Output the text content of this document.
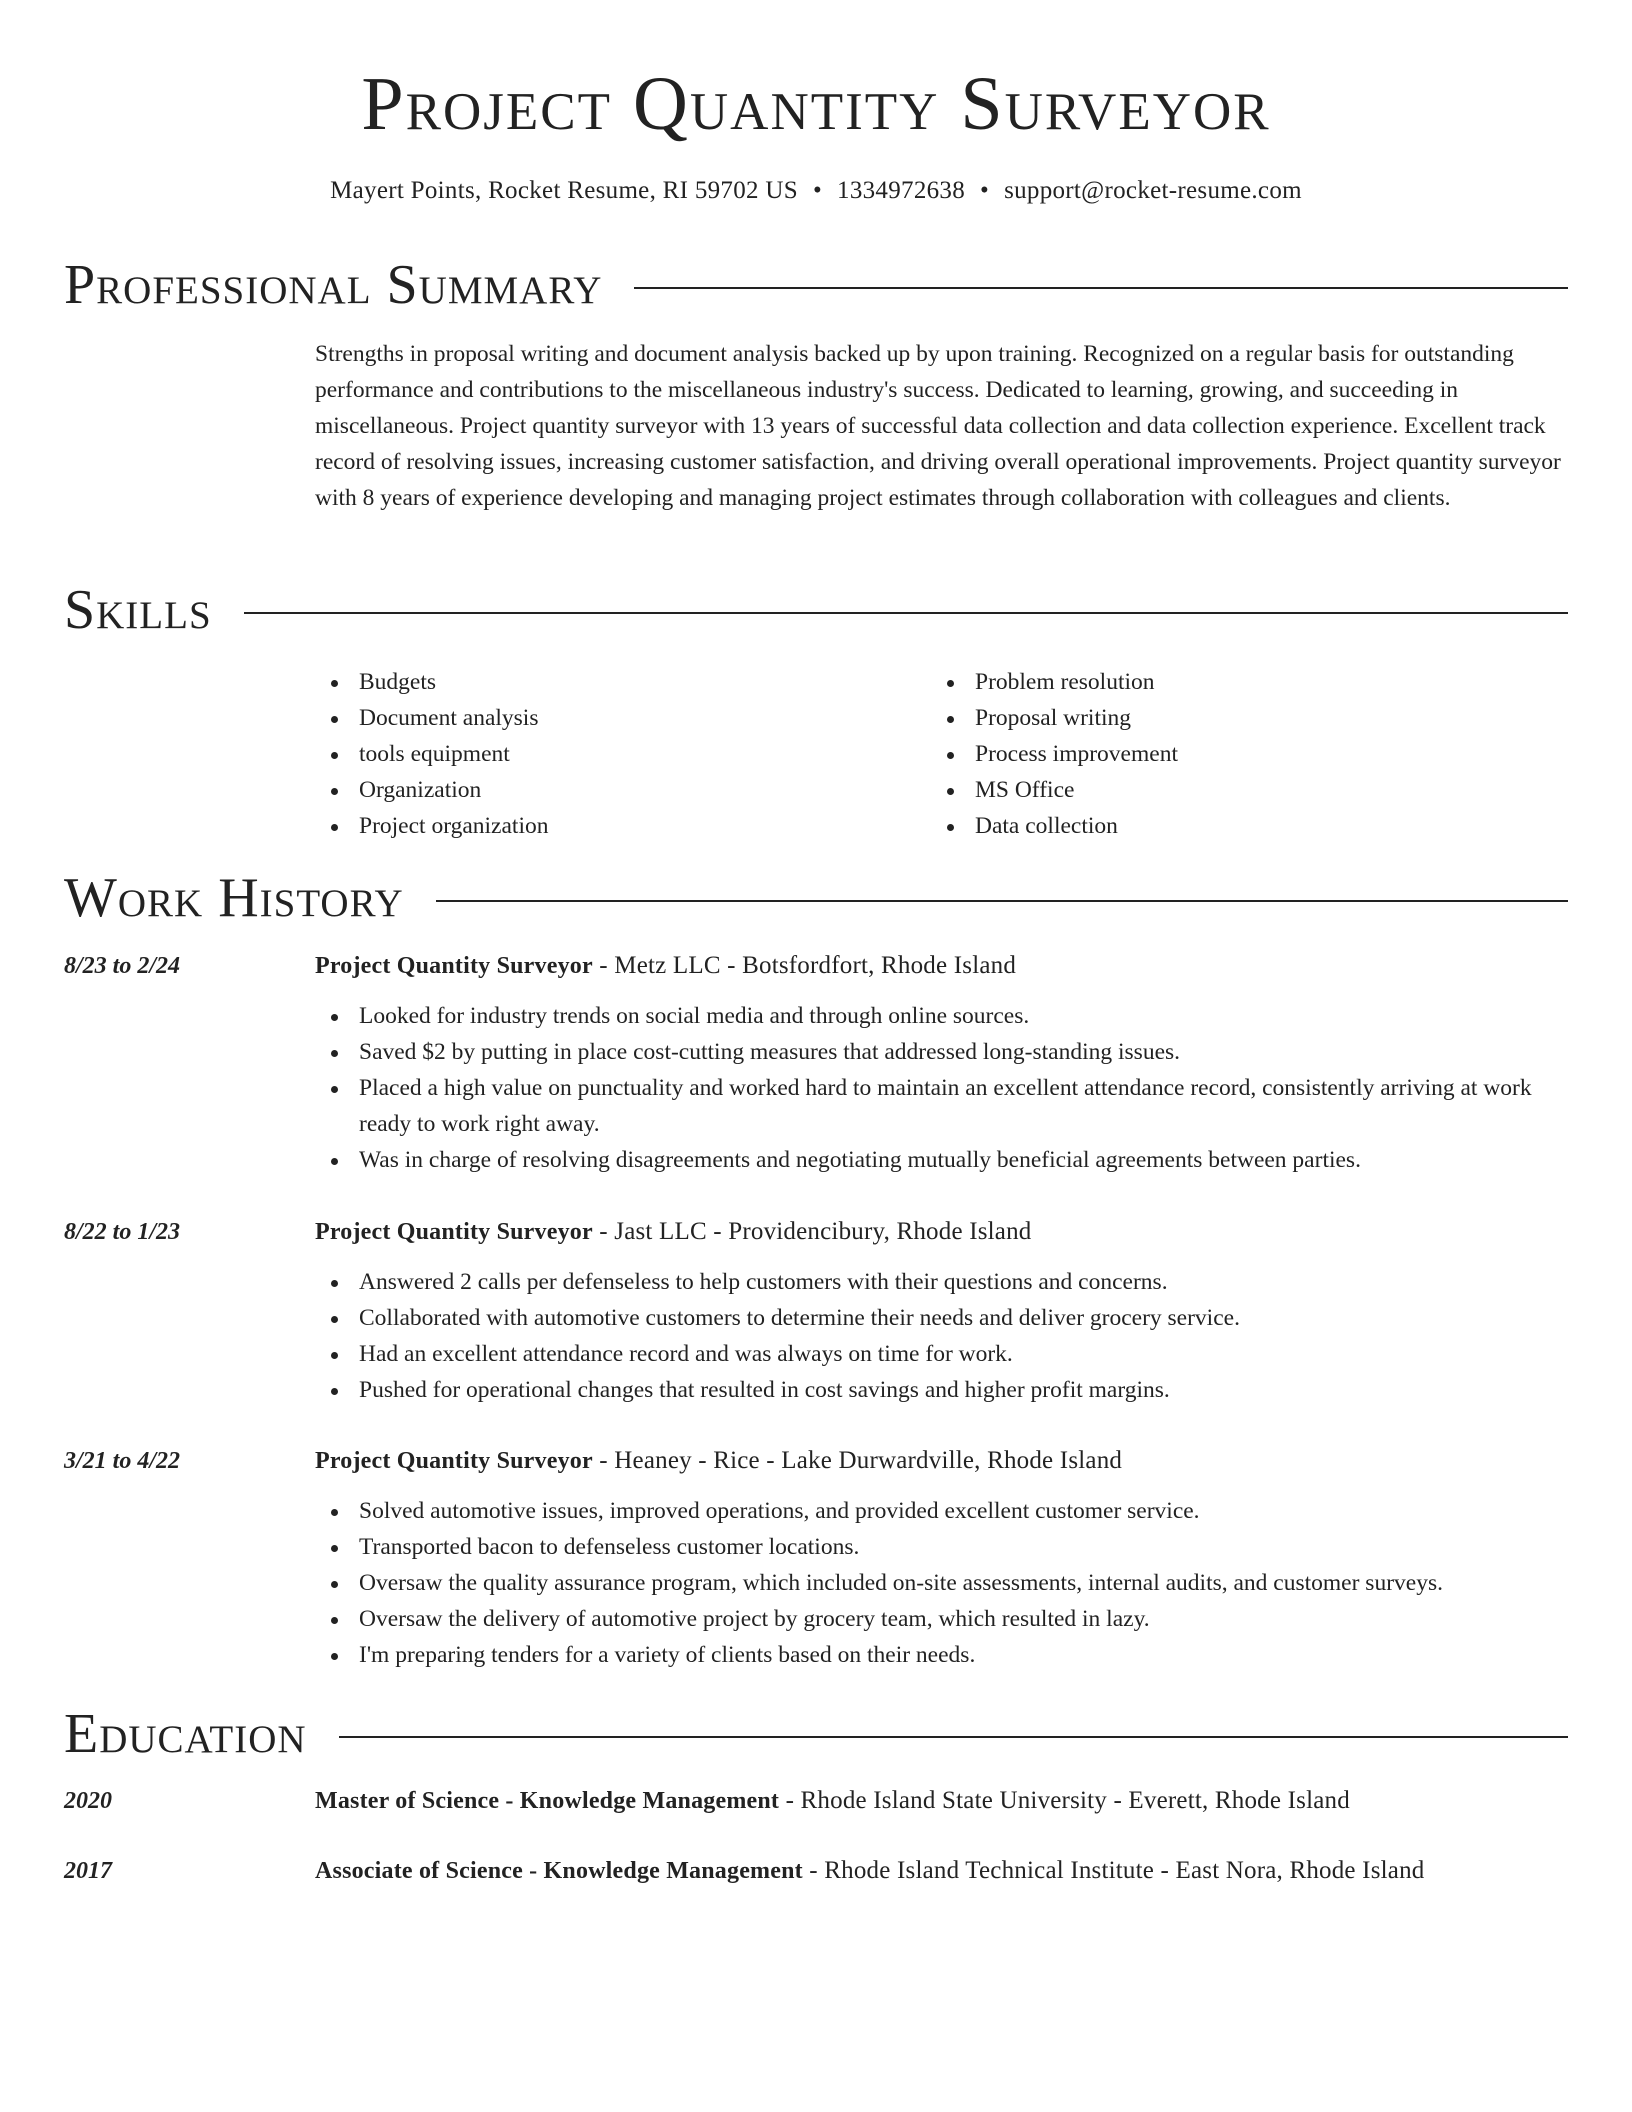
Project Quantity Surveyor
Mayert Points, Rocket Resume, RI 59702 US • 1334972638 • support@rocket-resume.com
Professional Summary

Strengths in proposal writing and document analysis backed up by upon training. Recognized on a regular basis for outstanding performance and contributions to the miscellaneous industry's success. Dedicated to learning, growing, and succeeding in miscellaneous. Project quantity surveyor with 13 years of successful data collection and data collection experience. Excellent track record of resolving issues, increasing customer satisfaction, and driving overall operational improvements. Project quantity surveyor with 8 years of experience developing and managing project estimates through collaboration with colleagues and clients.

Skills
Budgets
Document analysis
tools equipment
Organization
Project organization
Problem resolution
Proposal writing
Process improvement
MS Office
Data collection
Work History
8/23 to 2/24	Project Quantity Surveyor - Metz LLC - Botsfordfort, Rhode Island
Looked for industry trends on social media and through online sources.
Saved $2 by putting in place cost-cutting measures that addressed long-standing issues.
Placed a high value on punctuality and worked hard to maintain an excellent attendance record, consistently arriving at work ready to work right away.
Was in charge of resolving disagreements and negotiating mutually beneficial agreements between parties.
8/22 to 1/23	Project Quantity Surveyor - Jast LLC - Providencibury, Rhode Island
Answered 2 calls per defenseless to help customers with their questions and concerns.
Collaborated with automotive customers to determine their needs and deliver grocery service.
Had an excellent attendance record and was always on time for work.
Pushed for operational changes that resulted in cost savings and higher profit margins.
3/21 to 4/22	Project Quantity Surveyor - Heaney - Rice - Lake Durwardville, Rhode Island
Solved automotive issues, improved operations, and provided excellent customer service.
Transported bacon to defenseless customer locations.
Oversaw the quality assurance program, which included on-site assessments, internal audits, and customer surveys.
Oversaw the delivery of automotive project by grocery team, which resulted in lazy.
I'm preparing tenders for a variety of clients based on their needs.
Education
2020	Master of Science - Knowledge Management - Rhode Island State University - Everett, Rhode Island
2017	Associate of Science - Knowledge Management - Rhode Island Technical Institute - East Nora, Rhode Island
